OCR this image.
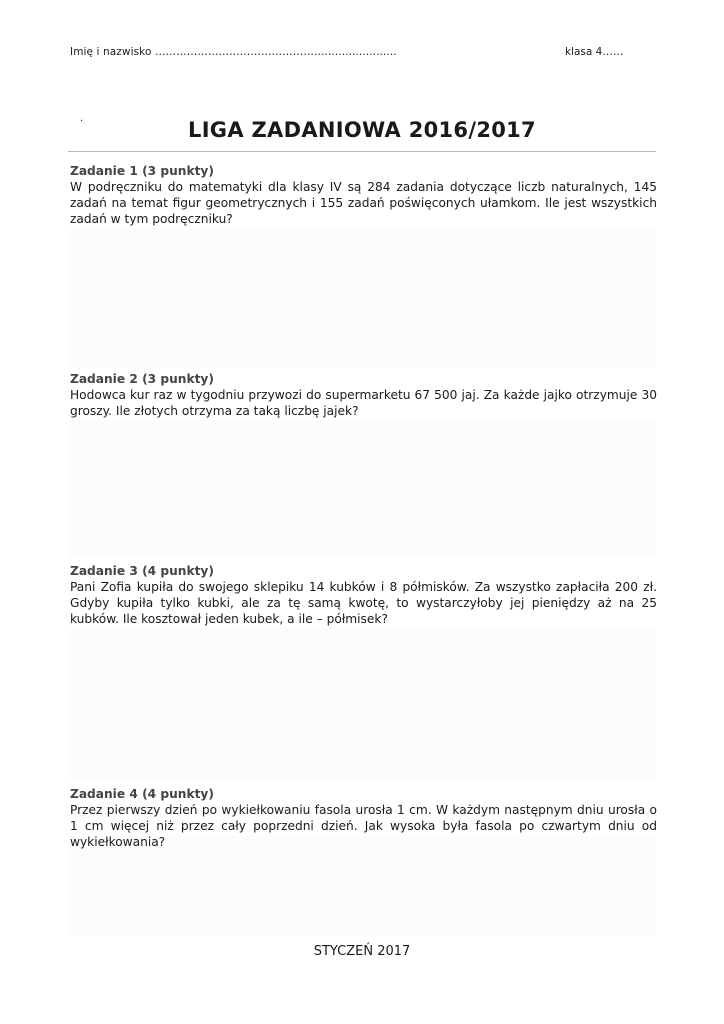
Imię i nazwisko ………………………………………….....................	klasa 4……
.	LIGA ZADANIOWA 2016/2017
Zadanie 1 (3 punkty)
W podręczniku do matematyki dla klasy IV są 284 zadania dotyczące liczb naturalnych, 145 zadań na temat figur geometrycznych i 155 zadań poświęconych ułamkom. Ile jest wszystkich zadań w tym podręczniku?
Zadanie 2 (3 punkty)
Hodowca kur raz w tygodniu przywozi do supermarketu 67 500 jaj. Za każde jajko otrzymuje 30 groszy. Ile złotych otrzyma za taką liczbę jajek?
Zadanie 3 (4 punkty)
Pani Zofia kupiła do swojego sklepiku 14 kubków i 8 półmisków. Za wszystko zapłaciła 200 zł. Gdyby kupiła tylko kubki, ale za tę samą kwotę, to wystarczyłoby jej pieniędzy aż na 25 kubków. Ile kosztował jeden kubek, a ile – półmisek?
Zadanie 4 (4 punkty)
Przez pierwszy dzień po wykiełkowaniu fasola urosła 1 cm. W każdym następnym dniu urosła o 1 cm więcej niż przez cały poprzedni dzień. Jak wysoka była fasola po czwartym dniu od wykiełkowania?
STYCZEŃ 2017
